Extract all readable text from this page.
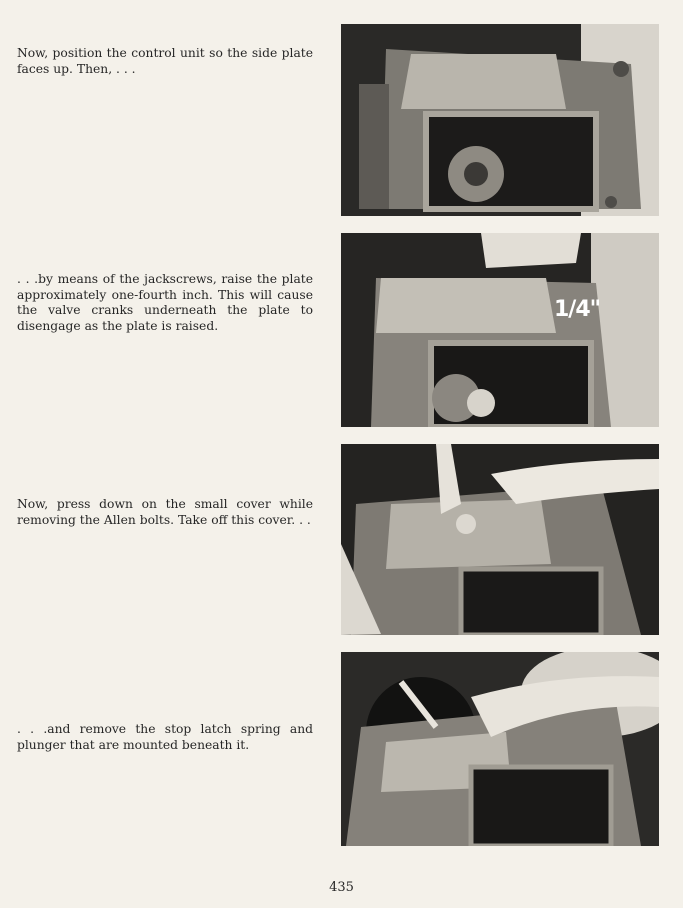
Now, position the control unit so the side plate faces up. Then, . . .

. . .by means of the jackscrews, raise the plate approximately one-fourth inch. This will cause the valve cranks underneath the plate to disengage as the plate is raised.

Now, press down on the small cover while removing the Allen bolts. Take off this cover. . .

. . .and remove the stop latch spring and plunger that are mounted beneath it.

1/4"

435
